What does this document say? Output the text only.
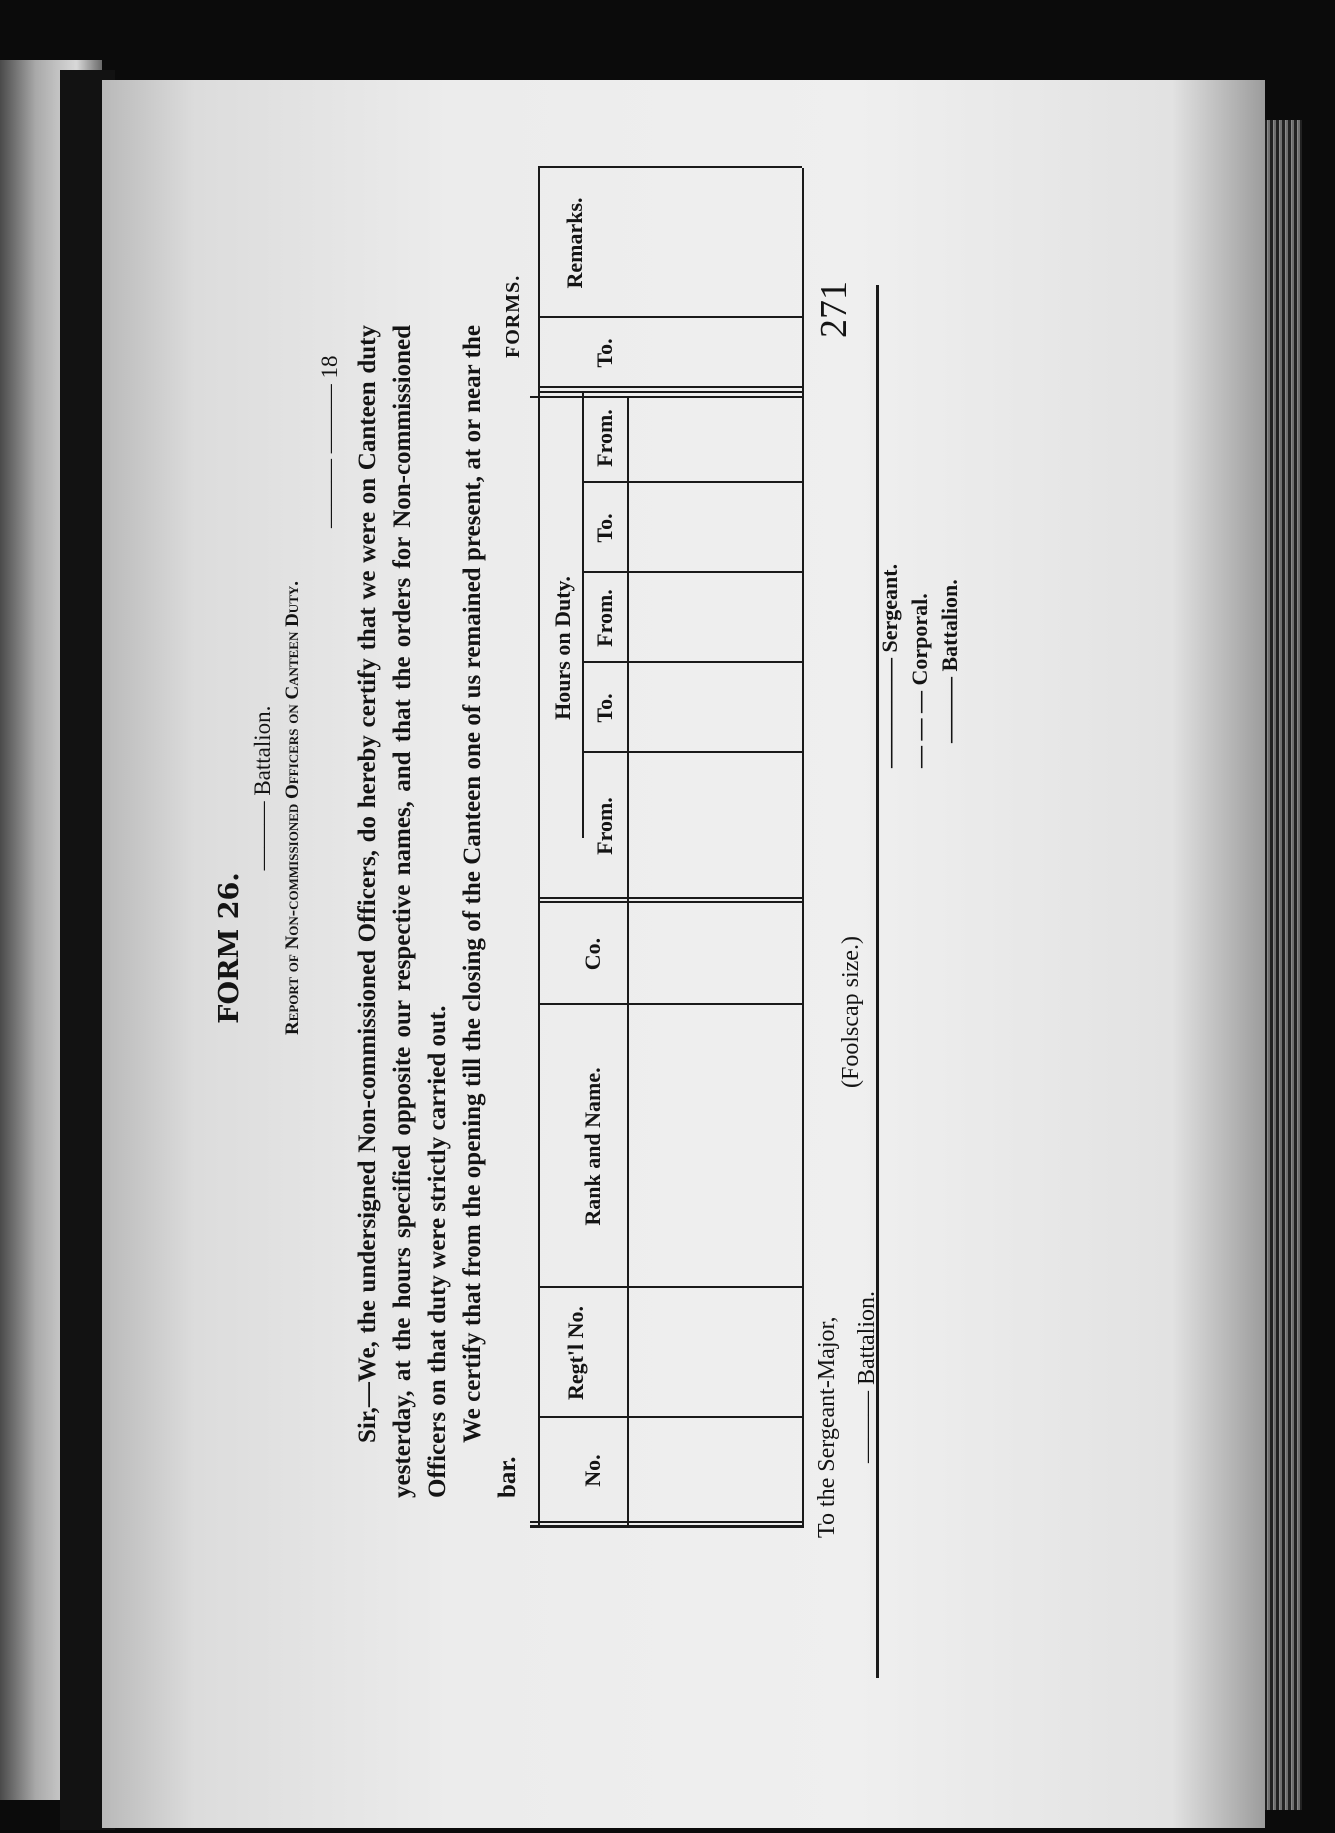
FORMS.	271
FORM 26.
——— Battalion. Report of Non-commissioned Officers on Canteen Duty.
——— ——— 18 Sir,—We, the undersigned Non-commissioned Officers, do hereby certify that we were on Canteen duty yesterday, at the hours specified opposite our respective names, and that the orders for Non-commissioned Officers on that duty were strictly carried out. We certify that from the opening till the closing of the Canteen one of us remained present, at or near the bar.	No.
Regt'l No.
Rank and Name.
Co.
Hours on Duty.
From.
To.
From.
To.
From.
To.
Remarks.
To the Sergeant-Major, ——— Battalion.
(Foolscap size.)
————— Sergeant. — — — Corporal. ——— Battalion.
